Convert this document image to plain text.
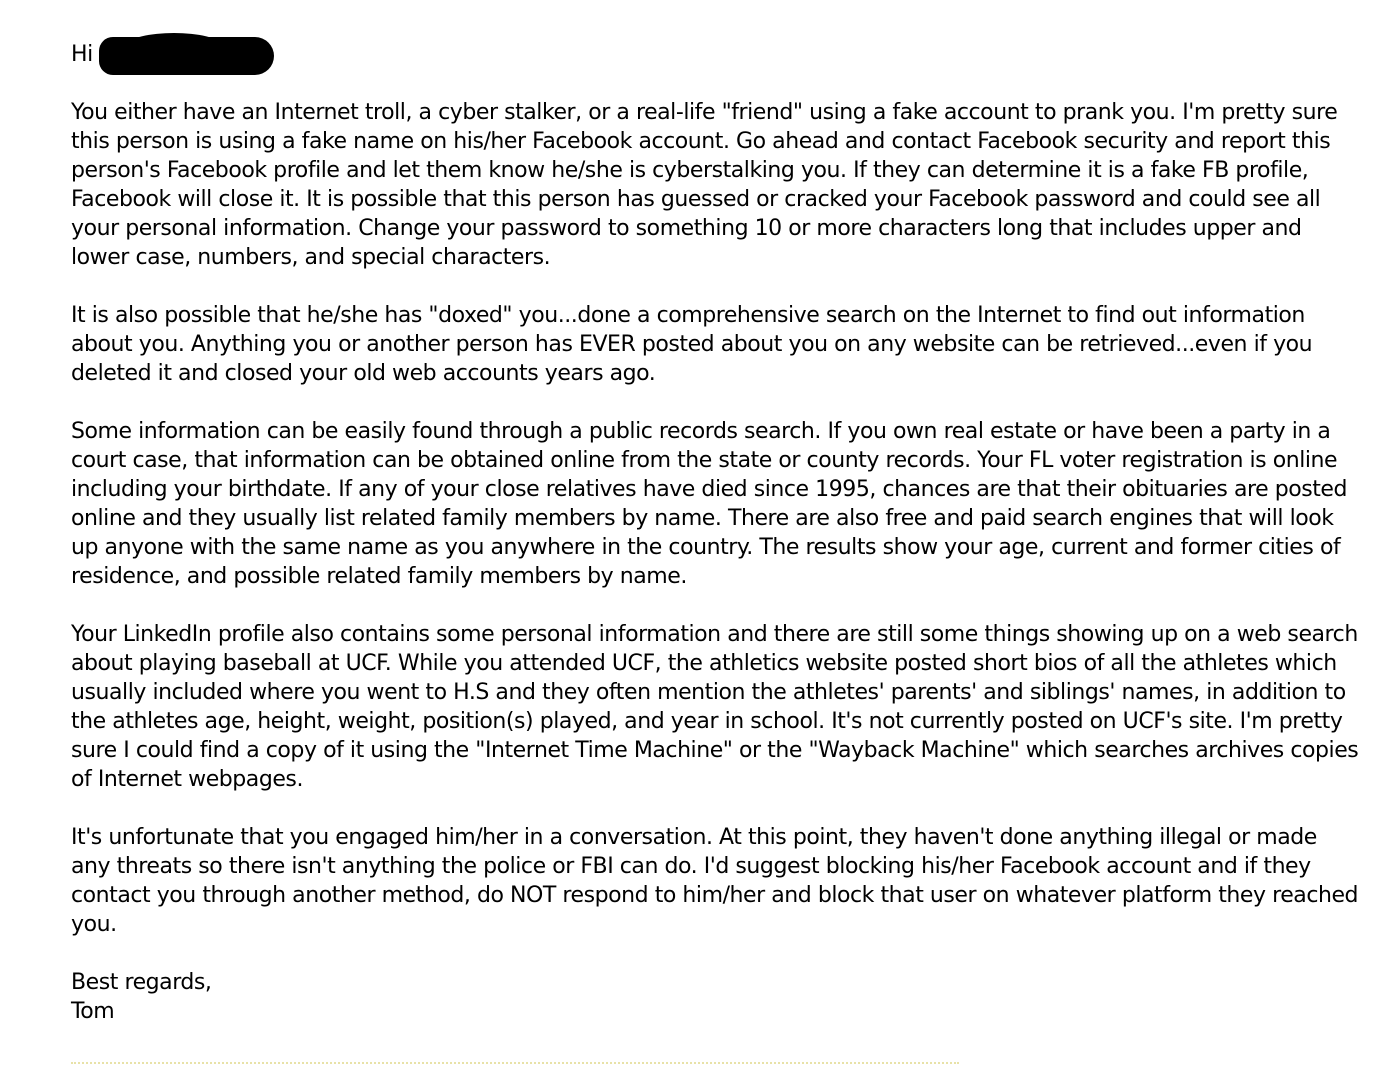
Hi

You either have an Internet troll, a cyber stalker, or a real-life "friend" using a fake account to prank you. I'm pretty sure
this person is using a fake name on his/her Facebook account. Go ahead and contact Facebook security and report this
person's Facebook profile and let them know he/she is cyberstalking you. If they can determine it is a fake FB profile,
Facebook will close it. It is possible that this person has guessed or cracked your Facebook password and could see all
your personal information. Change your password to something 10 or more characters long that includes upper and
lower case, numbers, and special characters.

It is also possible that he/she has "doxed" you...done a comprehensive search on the Internet to find out information
about you. Anything you or another person has EVER posted about you on any website can be retrieved...even if you
deleted it and closed your old web accounts years ago.

Some information can be easily found through a public records search. If you own real estate or have been a party in a
court case, that information can be obtained online from the state or county records. Your FL voter registration is online
including your birthdate. If any of your close relatives have died since 1995, chances are that their obituaries are posted
online and they usually list related family members by name. There are also free and paid search engines that will look
up anyone with the same name as you anywhere in the country. The results show your age, current and former cities of
residence, and possible related family members by name.

Your LinkedIn profile also contains some personal information and there are still some things showing up on a web search
about playing baseball at UCF. While you attended UCF, the athletics website posted short bios of all the athletes which
usually included where you went to H.S and they often mention the athletes' parents' and siblings' names, in addition to
the athletes age, height, weight, position(s) played, and year in school. It's not currently posted on UCF's site. I'm pretty
sure I could find a copy of it using the "Internet Time Machine" or the "Wayback Machine" which searches archives copies
of Internet webpages.

It's unfortunate that you engaged him/her in a conversation. At this point, they haven't done anything illegal or made
any threats so there isn't anything the police or FBI can do. I'd suggest blocking his/her Facebook account and if they
contact you through another method, do NOT respond to him/her and block that user on whatever platform they reached
you.

Best regards,
Tom
